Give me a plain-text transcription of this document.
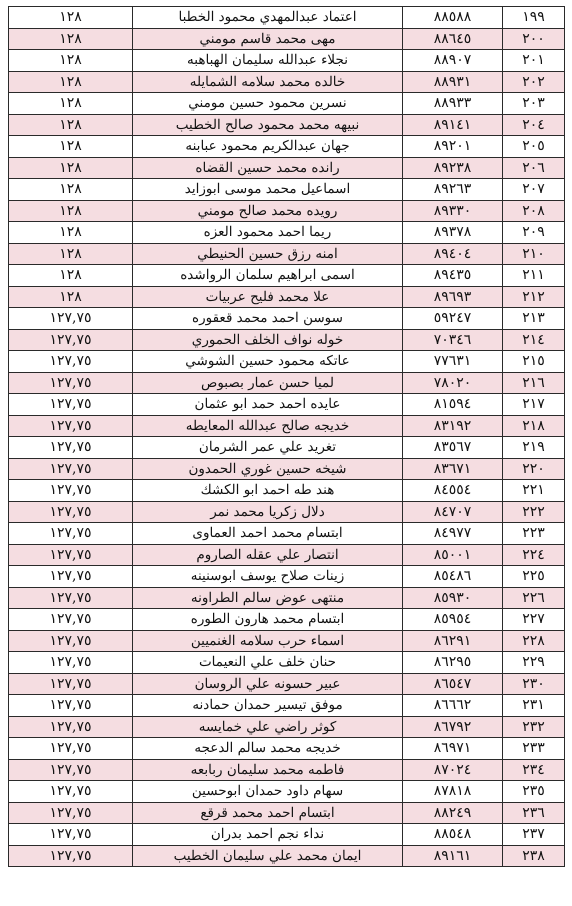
١٩٩	٨٨٥٨٨	اعتماد عبدالمهدي محمود الخطبا	١٢٨
٢٠٠	٨٨٦٤٥	مهى محمد قاسم مومني	١٢٨
٢٠١	٨٨٩٠٧	نجلاء عبدالله سليمان الهباهبه	١٢٨
٢٠٢	٨٨٩٣١	خالده محمد سلامه الشمايله	١٢٨
٢٠٣	٨٨٩٣٣	نسرين محمود حسين مومني	١٢٨
٢٠٤	٨٩١٤١	نبيهه محمد محمود صالح الخطيب	١٢٨
٢٠٥	٨٩٢٠١	جهان عبدالكريم محمود عبابنه	١٢٨
٢٠٦	٨٩٢٣٨	رانده محمد حسين القضاه	١٢٨
٢٠٧	٨٩٢٦٣	اسماعيل محمد موسى ابوزايد	١٢٨
٢٠٨	٨٩٣٣٠	رويده محمد صالح مومني	١٢٨
٢٠٩	٨٩٣٧٨	ريما احمد محمود العزه	١٢٨
٢١٠	٨٩٤٠٤	امنه رزق حسين الحنيطي	١٢٨
٢١١	٨٩٤٣٥	اسمى ابراهيم سلمان الرواشده	١٢٨
٢١٢	٨٩٦٩٣	علا محمد فليح عربيات	١٢٨
٢١٣	٥٩٢٤٧	سوسن احمد محمد قعقوره	١٢٧,٧٥
٢١٤	٧٠٣٤٦	خوله نواف الخلف الحموري	١٢٧,٧٥
٢١٥	٧٧٦٣١	عاتكه محمود حسين الشوشي	١٢٧,٧٥
٢١٦	٧٨٠٢٠	لميا حسن عمار بصبوص	١٢٧,٧٥
٢١٧	٨١٥٩٤	عايده احمد حمد ابو عثمان	١٢٧,٧٥
٢١٨	٨٣١٩٢	خديجه صالح عبدالله المعايطه	١٢٧,٧٥
٢١٩	٨٣٥٦٧	تغريد علي عمر الشرمان	١٢٧,٧٥
٢٢٠	٨٣٦٧١	شيخه حسين غوري الحمدون	١٢٧,٧٥
٢٢١	٨٤٥٥٤	هند طه احمد ابو الكشك	١٢٧,٧٥
٢٢٢	٨٤٧٠٧	دلال زكريا محمد نمر	١٢٧,٧٥
٢٢٣	٨٤٩٧٧	ابتسام محمد احمد العماوى	١٢٧,٧٥
٢٢٤	٨٥٠٠١	انتصار علي عقله الصاروم	١٢٧,٧٥
٢٢٥	٨٥٤٨٦	زينات صلاح يوسف ابوسنينه	١٢٧,٧٥
٢٢٦	٨٥٩٣٠	منتهى عوض سالم الطراونه	١٢٧,٧٥
٢٢٧	٨٥٩٥٤	ابتسام محمد هارون الطوره	١٢٧,٧٥
٢٢٨	٨٦٢٩١	اسماء حرب سلامه الغنميين	١٢٧,٧٥
٢٢٩	٨٦٢٩٥	حنان خلف علي النعيمات	١٢٧,٧٥
٢٣٠	٨٦٥٤٧	عبير حسونه علي الروسان	١٢٧,٧٥
٢٣١	٨٦٦٦٢	موفق تيسير حمدان حمادنه	١٢٧,٧٥
٢٣٢	٨٦٧٩٢	كوثر راضي علي خمايسه	١٢٧,٧٥
٢٣٣	٨٦٩٧١	خديجه محمد سالم الدعجه	١٢٧,٧٥
٢٣٤	٨٧٠٢٤	فاطمه محمد سليمان ربابعه	١٢٧,٧٥
٢٣٥	٨٧٨١٨	سهام داود حمدان ابوحسين	١٢٧,٧٥
٢٣٦	٨٨٢٤٩	ابتسام احمد محمد قرقع	١٢٧,٧٥
٢٣٧	٨٨٥٤٨	نداء نجم احمد بدران	١٢٧,٧٥
٢٣٨	٨٩١٦١	ايمان محمد علي سليمان الخطيب	١٢٧,٧٥
